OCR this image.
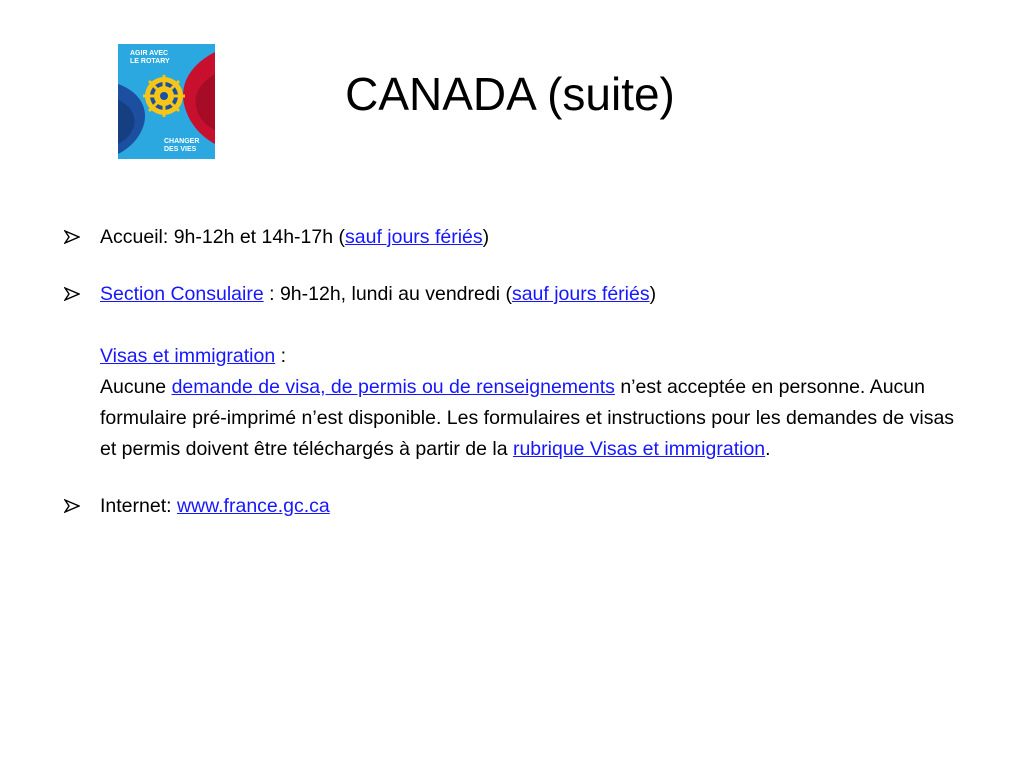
AGIR AVEC
LE ROTARY
CHANGER
DES VIES
CANADA (suite)
Accueil: 9h-12h et 14h-17h (sauf jours fériés)
Section Consulaire : 9h-12h, lundi au vendredi (sauf jours fériés)
Visas et immigration :
Aucune demande de visa, de permis ou de renseignements n’est acceptée en personne. Aucun formulaire pré-imprimé n’est disponible. Les formulaires et instructions pour les demandes de visas et permis doivent être téléchargés à partir de la rubrique Visas et immigration.
Internet: www.france.gc.ca
